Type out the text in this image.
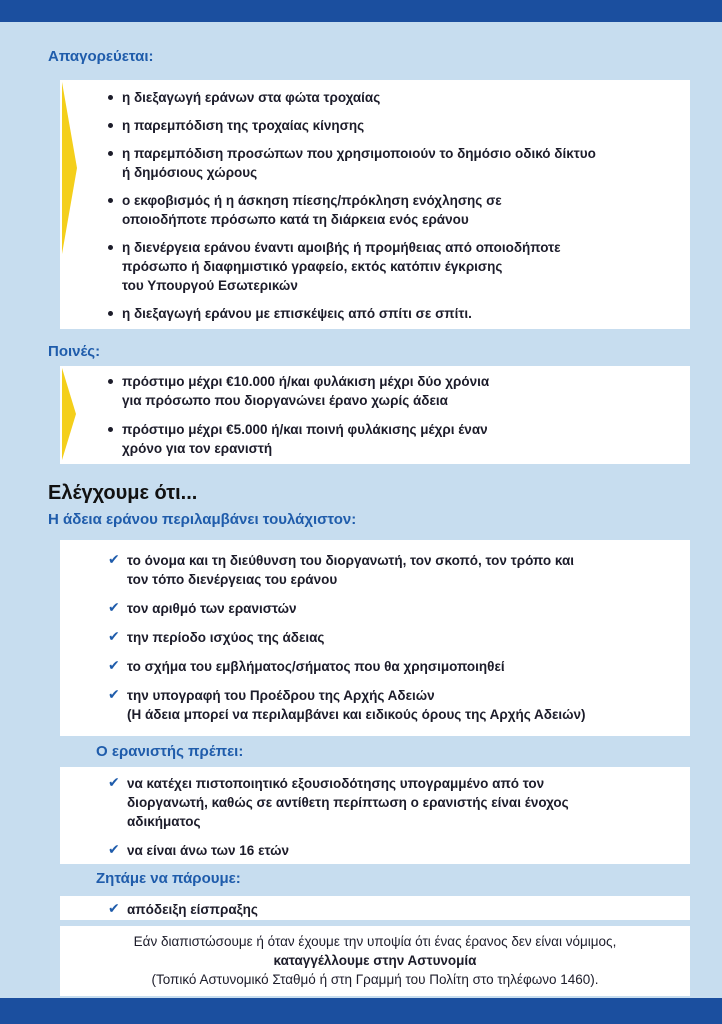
Απαγορεύεται:
η διεξαγωγή εράνων στα φώτα τροχαίας
η παρεμπόδιση της τροχαίας κίνησης
η παρεμπόδιση προσώπων που χρησιμοποιούν το δημόσιο οδικό δίκτυο
ή δημόσιους χώρους
ο εκφοβισμός ή η άσκηση πίεσης/πρόκληση ενόχλησης σε
οποιοδήποτε πρόσωπο κατά τη διάρκεια ενός εράνου
η διενέργεια εράνου έναντι αμοιβής ή προμήθειας από οποιοδήποτε
πρόσωπο ή διαφημιστικό γραφείο, εκτός κατόπιν έγκρισης
του Υπουργού Εσωτερικών
η διεξαγωγή εράνου με επισκέψεις από σπίτι σε σπίτι.
Ποινές:
πρόστιμο μέχρι €10.000 ή/και φυλάκιση μέχρι δύο χρόνια
για πρόσωπο που διοργανώνει έρανο χωρίς άδεια
πρόστιμο μέχρι €5.000 ή/και ποινή φυλάκισης μέχρι έναν
χρόνο για τον ερανιστή
Ελέγχουμε ότι...
Η άδεια εράνου περιλαμβάνει τουλάχιστον:
✔
το όνομα και τη διεύθυνση του διοργανωτή, τον σκοπό, τον τρόπο και
τον τόπο διενέργειας του εράνου
✔
τον αριθμό των ερανιστών
✔
την περίοδο ισχύος της άδειας
✔
το σχήμα του εμβλήματος/σήματος που θα χρησιμοποιηθεί
✔
την υπογραφή του Προέδρου της Αρχής Αδειών
(Η άδεια μπορεί να περιλαμβάνει και ειδικούς όρους της Αρχής Αδειών)
Ο ερανιστής πρέπει:
✔
να κατέχει πιστοποιητικό εξουσιοδότησης υπογραμμένο από τον
διοργανωτή, καθώς σε αντίθετη περίπτωση ο ερανιστής είναι ένοχος
αδικήματος
✔
να είναι άνω των 16 ετών
Ζητάμε να πάρουμε:
✔
απόδειξη είσπραξης
Εάν διαπιστώσουμε ή όταν έχουμε την υποψία ότι ένας έρανος δεν είναι νόμιμος,
καταγγέλλουμε στην Αστυνομία
(Τοπικό Αστυνομικό Σταθμό ή στη Γραμμή του Πολίτη στο τηλέφωνο 1460).
